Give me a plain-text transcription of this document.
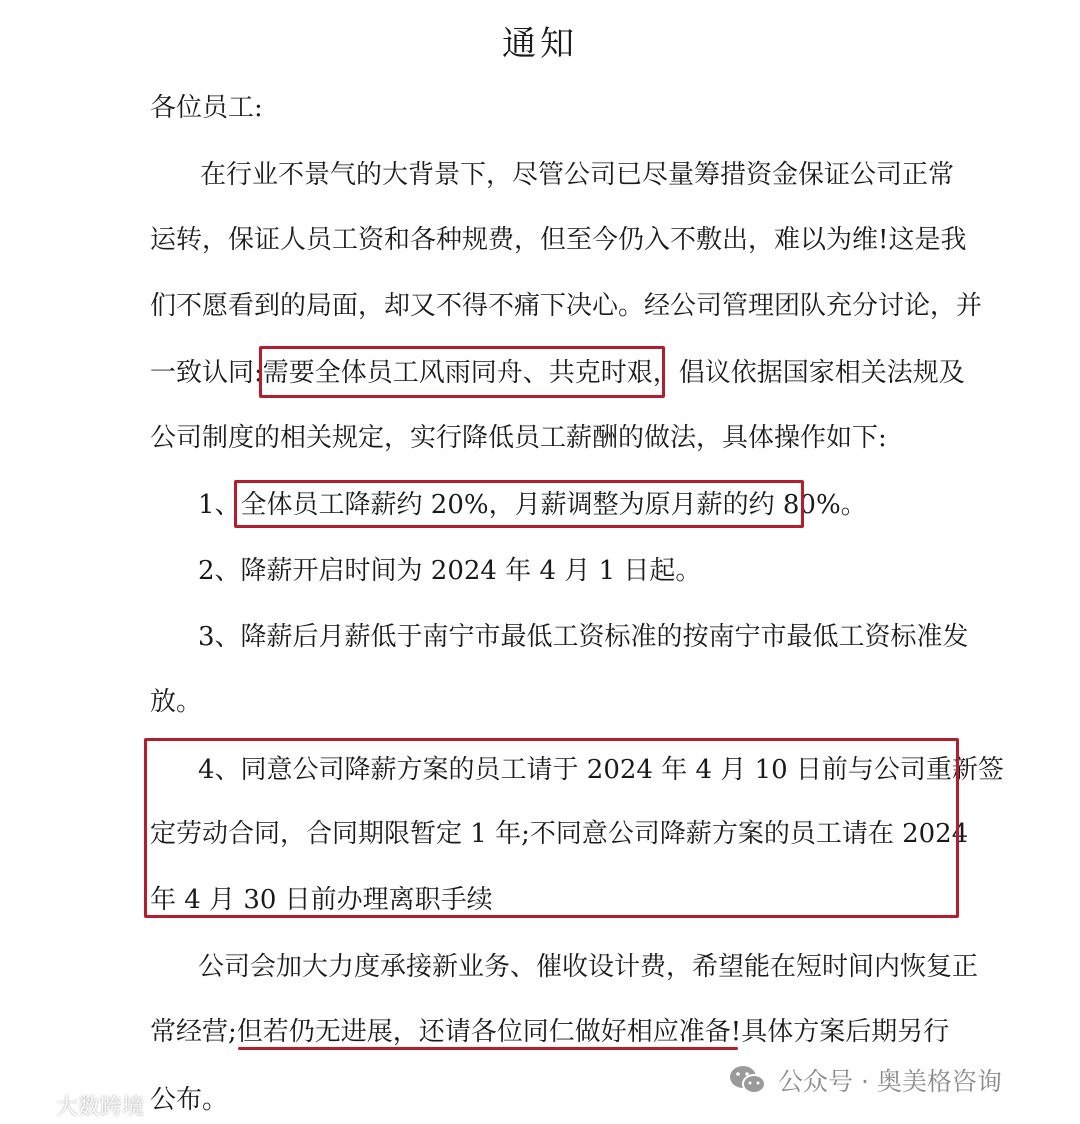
通知
各位员工:
在行业不景气的大背景下，尽管公司已尽量筹措资金保证公司正常
运转，保证人员工资和各种规费，但至今仍入不敷出，难以为维!这是我
们不愿看到的局面，却又不得不痛下决心。经公司管理团队充分讨论，并
一致认同:需要全体员工风雨同舟、共克时艰，倡议依据国家相关法规及
公司制度的相关规定，实行降低员工薪酬的做法，具体操作如下:
1、全体员工降薪约 20%，月薪调整为原月薪的约 80%。
2、降薪开启时间为 2024 年 4 月 1 日起。
3、降薪后月薪低于南宁市最低工资标准的按南宁市最低工资标准发
放。
4、同意公司降薪方案的员工请于 2024 年 4 月 10 日前与公司重新签
定劳动合同，合同期限暂定 1 年;不同意公司降薪方案的员工请在 2024
年 4 月 30 日前办理离职手续
公司会加大力度承接新业务、催收设计费，希望能在短时间内恢复正
常经营;但若仍无进展，还请各位同仁做好相应准备!具体方案后期另行
公布。
大数跨境
公众号 · 奥美格咨询
